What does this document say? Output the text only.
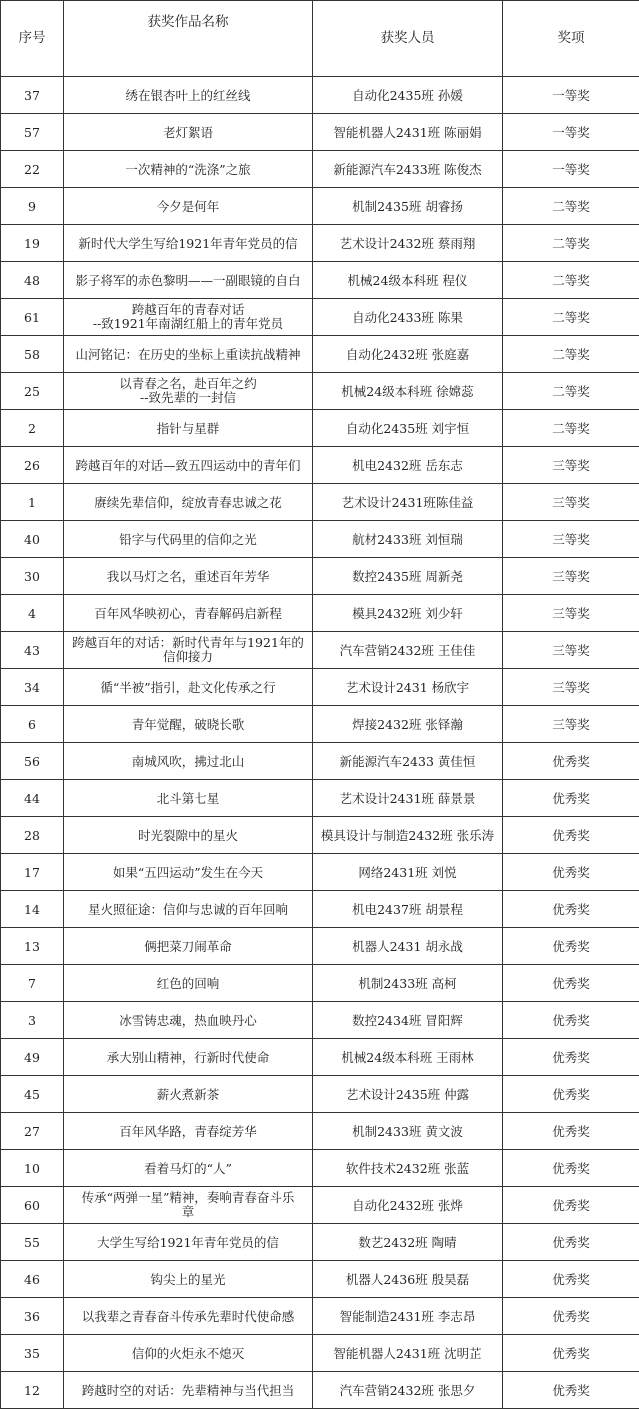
序号	获奖作品名称	获奖人员	奖项
37	绣在银杏叶上的红丝线	自动化2435班 孙媛	一等奖
57	老灯絮语	智能机器人2431班 陈丽娟	一等奖
22	一次精神的“洗涤”之旅	新能源汽车2433班 陈俊杰	一等奖
9	今夕是何年	机制2435班 胡睿扬	二等奖
19	新时代大学生写给1921年青年党员的信	艺术设计2432班 蔡雨翔	二等奖
48	影子将军的赤色黎明——一副眼镜的自白	机械24级本科班 程仪	二等奖
61	跨越百年的青春对话
--致1921年南湖红船上的青年党员	自动化2433班 陈果	二等奖
58	山河铭记：在历史的坐标上重读抗战精神	自动化2432班 张庭嘉	二等奖
25	以青春之名，赴百年之约
--致先辈的一封信	机械24级本科班 徐嫦蕊	二等奖
2	指针与星群	自动化2435班 刘宇恒	二等奖
26	跨越百年的对话—致五四运动中的青年们	机电2432班 岳东志	三等奖
1	赓续先辈信仰，绽放青春忠诚之花	艺术设计2431班陈佳益	三等奖
40	铅字与代码里的信仰之光	航材2433班 刘恒瑞	三等奖
30	我以马灯之名，重述百年芳华	数控2435班 周新尧	三等奖
4	百年风华映初心，青春解码启新程	模具2432班 刘少轩	三等奖
43	跨越百年的对话：新时代青年与1921年的
信仰接力	汽车营销2432班 王佳佳	三等奖
34	循“半被”指引，赴文化传承之行	艺术设计2431 杨欣宇	三等奖
6	青年觉醒，破晓长歌	焊接2432班 张铎瀚	三等奖
56	南城风吹，拂过北山	新能源汽车2433 黄佳恒	优秀奖
44	北斗第七星	艺术设计2431班 薛景景	优秀奖
28	时光裂隙中的星火	模具设计与制造2432班 张乐涛	优秀奖
17	如果“五四运动”发生在今天	网络2431班 刘悦	优秀奖
14	星火照征途：信仰与忠诚的百年回响	机电2437班 胡景程	优秀奖
13	俩把菜刀闹革命	机器人2431 胡永战	优秀奖
7	红色的回响	机制2433班 高柯	优秀奖
3	冰雪铸忠魂，热血映丹心	数控2434班 冒阳辉	优秀奖
49	承大别山精神，行新时代使命	机械24级本科班 王雨林	优秀奖
45	薪火煮新茶	艺术设计2435班 仲露	优秀奖
27	百年风华路，青春绽芳华	机制2433班 黄文波	优秀奖
10	看着马灯的“人”	软件技术2432班 张蓝	优秀奖
60	传承“两弹一星”精神，奏响青春奋斗乐
章	自动化2432班 张烨	优秀奖
55	大学生写给1921年青年党员的信	数艺2432班 陶晴	优秀奖
46	钩尖上的星光	机器人2436班 殷昊磊	优秀奖
36	以我辈之青春奋斗传承先辈时代使命感	智能制造2431班 李志昂	优秀奖
35	信仰的火炬永不熄灭	智能机器人2431班 沈明芷	优秀奖
12	跨越时空的对话：先辈精神与当代担当	汽车营销2432班 张思夕	优秀奖
